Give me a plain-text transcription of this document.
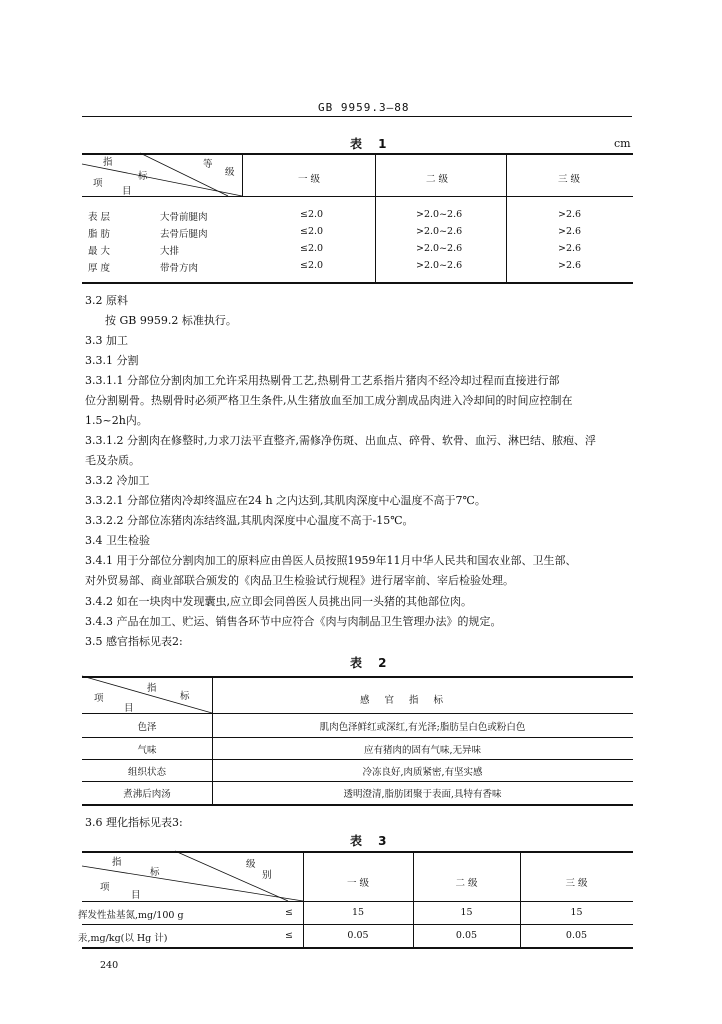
GB 9959.3—88
表 1	cm
指
标
项
目
等
级
一 级	二 级	三 级
表 层	大骨前腿肉	≤2.0	>2.0~2.6	>2.6
脂 肪	去骨后腿肉	≤2.0	>2.0~2.6	>2.6
最 大	大排	≤2.0	>2.0~2.6	>2.6
厚 度	带骨方肉	≤2.0	>2.0~2.6	>2.6
3.2 原料
按 GB 9959.2 标准执行。
3.3 加工
3.3.1 分割
3.3.1.1 分部位分割肉加工允许采用热剔骨工艺,热剔骨工艺系指片猪肉不经冷却过程而直接进行部
位分割剔骨。热剔骨时必须严格卫生条件,从生猪放血至加工成分割成品肉进入冷却间的时间应控制在
1.5~2h内。
3.3.1.2 分割肉在修整时,力求刀法平直整齐,需修净伤斑、出血点、碎骨、软骨、血污、淋巴结、脓疱、浮
毛及杂质。
3.3.2 冷加工
3.3.2.1 分部位猪肉冷却终温应在24 h 之内达到,其肌肉深度中心温度不高于7℃。
3.3.2.2 分部位冻猪肉冻结终温,其肌肉深度中心温度不高于-15℃。
3.4 卫生检验
3.4.1 用于分部位分割肉加工的原料应由兽医人员按照1959年11月中华人民共和国农业部、卫生部、
对外贸易部、商业部联合颁发的《肉品卫生检验试行规程》进行屠宰前、宰后检验处理。
3.4.2 如在一块肉中发现囊虫,应立即会同兽医人员挑出同一头猪的其他部位肉。
3.4.3 产品在加工、贮运、销售各环节中应符合《肉与肉制品卫生管理办法》的规定。
3.5 感官指标见表2:
表 2
指
标
项
目
感 官 指 标
色泽	肌肉色泽鲜红或深红,有光泽;脂肪呈白色或粉白色
气味	应有猪肉的固有气味,无异味
组织状态	冷冻良好,肉质紧密,有坚实感
煮沸后肉汤	透明澄清,脂肪团聚于表面,具特有香味
3.6 理化指标见表3:
表 3
指
标
项
目
级
别
一 级	二 级	三 级
挥发性盐基氮,mg/100 g	≤	15	15	15
汞,mg/kg(以 Hg 计)	≤	0.05	0.05	0.05
240
